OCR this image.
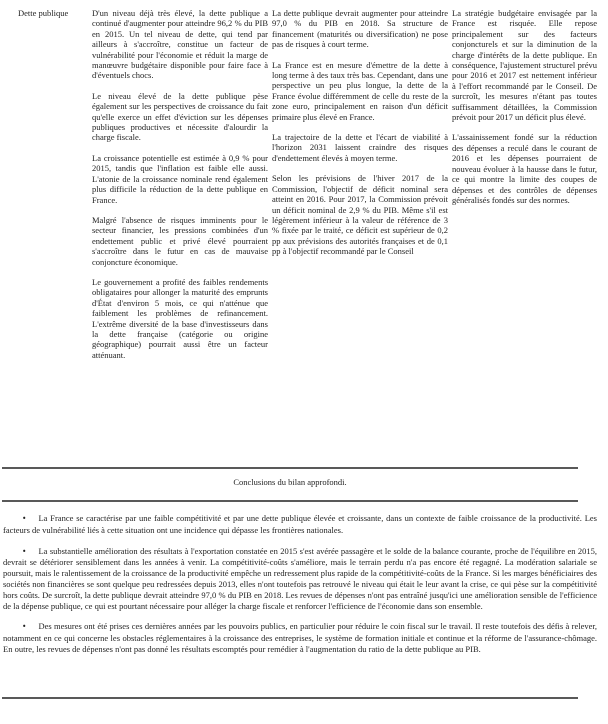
Dette publique	D'un niveau déjà très élevé, la dette publique a continué d'augmenter pour atteindre 96,2 % du PIB en 2015. Un tel niveau de dette, qui tend par ailleurs à s'accroître, constitue un facteur de vulnérabilité pour l'économie et réduit la marge de manœuvre budgétaire disponible pour faire face à d'éventuels chocs.

Le niveau élevé de la dette publique pèse également sur les perspectives de croissance du fait qu'elle exerce un effet d'éviction sur les dépenses publiques productives et nécessite d'alourdir la charge fiscale.

La croissance potentielle est estimée à 0,9 % pour 2015, tandis que l'inflation est faible elle aussi. L'atonie de la croissance nominale rend également plus difficile la réduction de la dette publique en France.

Malgré l'absence de risques imminents pour le secteur financier, les pressions combinées d'un endettement public et privé élevé pourraient s'accroître dans le futur en cas de mauvaise conjoncture économique.

Le gouvernement a profité des faibles rendements obligataires pour allonger la maturité des emprunts d'État d'environ 5 mois, ce qui n'atténue que faiblement les problèmes de refinancement. L'extrême diversité de la base d'investisseurs dans la dette française (catégorie ou origine géographique) pourrait aussi être un facteur atténuant.

La dette publique devrait augmenter pour atteindre 97,0 % du PIB en 2018. Sa structure de financement (maturités ou diversification) ne pose pas de risques à court terme.

La France est en mesure d'émettre de la dette à long terme à des taux très bas. Cependant, dans une perspective un peu plus longue, la dette de la France évolue différemment de celle du reste de la zone euro, principalement en raison d'un déficit primaire plus élevé en France.

La trajectoire de la dette et l'écart de viabilité à l'horizon 2031 laissent craindre des risques d'endettement élevés à moyen terme.

Selon les prévisions de l'hiver 2017 de la Commission, l'objectif de déficit nominal sera atteint en 2016. Pour 2017, la Commission prévoit un déficit nominal de 2,9 % du PIB. Même s'il est légèrement inférieur à la valeur de référence de 3 % fixée par le traité, ce déficit est supérieur de 0,2 pp aux prévisions des autorités françaises et de 0,1 pp à l'objectif recommandé par le Conseil

La stratégie budgétaire envisagée par la France est risquée. Elle repose principalement sur des facteurs conjoncturels et sur la diminution de la charge d'intérêts de la dette publique. En conséquence, l'ajustement structurel prévu pour 2016 et 2017 est nettement inférieur à l'effort recommandé par le Conseil. De surcroît, les mesures n'étant pas toutes suffisamment détaillées, la Commission prévoit pour 2017 un déficit plus élevé.

L'assainissement fondé sur la réduction des dépenses a reculé dans le courant de 2016 et les dépenses pourraient de nouveau évoluer à la hausse dans le futur, ce qui montre la limite des coupes de dépenses et des contrôles de dépenses généralisés fondés sur des normes.

Conclusions du bilan approfondi.

• La France se caractérise par une faible compétitivité et par une dette publique élevée et croissante, dans un contexte de faible croissance de la productivité. Les facteurs de vulnérabilité liés à cette situation ont une incidence qui dépasse les frontières nationales.

• La substantielle amélioration des résultats à l'exportation constatée en 2015 s'est avérée passagère et le solde de la balance courante, proche de l'équilibre en 2015, devrait se détériorer sensiblement dans les années à venir. La compétitivité-coûts s'améliore, mais le terrain perdu n'a pas encore été regagné. La modération salariale se poursuit, mais le ralentissement de la croissance de la productivité empêche un redressement plus rapide de la compétitivité-coûts de la France. Si les marges bénéficiaires des sociétés non financières se sont quelque peu redressées depuis 2013, elles n'ont toutefois pas retrouvé le niveau qui était le leur avant la crise, ce qui pèse sur la compétitivité hors coûts. De surcroît, la dette publique devrait atteindre 97,0 % du PIB en 2018. Les revues de dépenses n'ont pas entraîné jusqu'ici une amélioration sensible de l'efficience de la dépense publique, ce qui est pourtant nécessaire pour alléger la charge fiscale et renforcer l'efficience de l'économie dans son ensemble.

• Des mesures ont été prises ces dernières années par les pouvoirs publics, en particulier pour réduire le coin fiscal sur le travail. Il reste toutefois des défis à relever, notamment en ce qui concerne les obstacles réglementaires à la croissance des entreprises, le système de formation initiale et continue et la réforme de l'assurance-chômage. En outre, les revues de dépenses n'ont pas donné les résultats escomptés pour remédier à l'augmentation du ratio de la dette publique au PIB.
